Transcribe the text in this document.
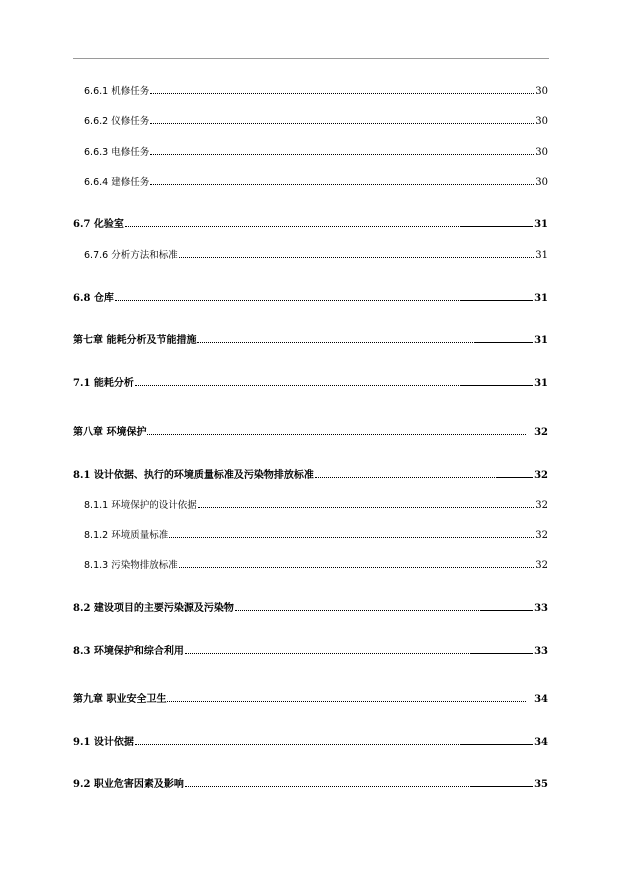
6.6.1 机修任务	30
6.6.2 仪修任务	30
6.6.3 电修任务	30
6.6.4 建修任务	30
6.7 化验室	31
6.7.6 分析方法和标准	31
6.8 仓库	31
第七章 能耗分析及节能措施	31
7.1 能耗分析	31
第八章 环境保护	32
8.1 设计依据、执行的环境质量标准及污染物排放标准	32
8.1.1 环境保护的设计依据	32
8.1.2 环境质量标准	32
8.1.3 污染物排放标准	32
8.2 建设项目的主要污染源及污染物	33
8.3 环境保护和综合利用	33
第九章 职业安全卫生	34
9.1 设计依据	34
9.2 职业危害因素及影响	35
